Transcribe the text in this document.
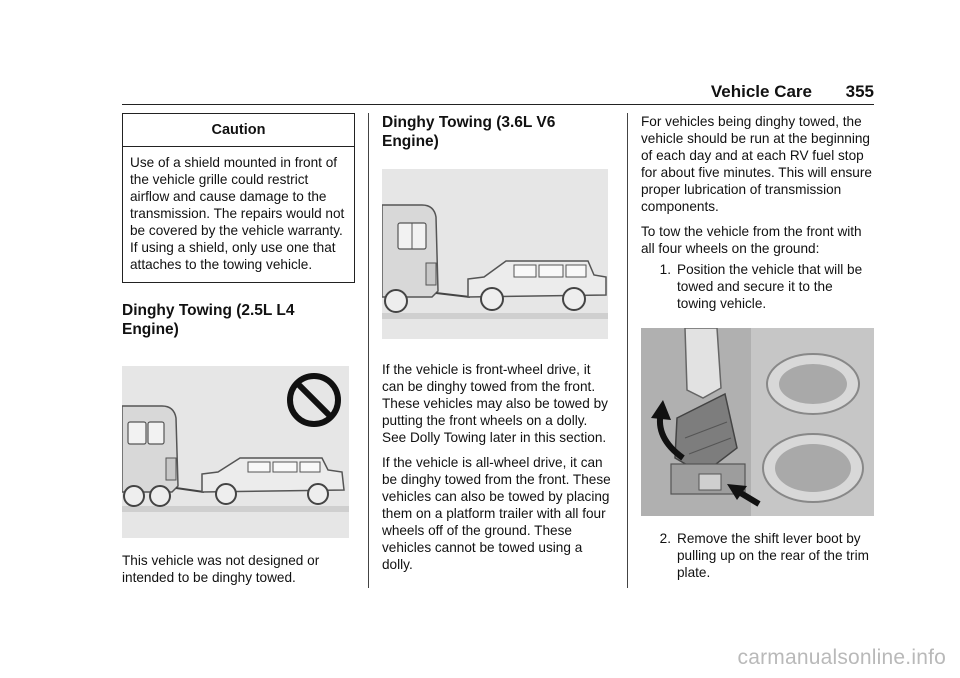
Vehicle Care 355
Caution
Use of a shield mounted in front of the vehicle grille could restrict airflow and cause damage to the transmission. The repairs would not be covered by the vehicle warranty. If using a shield, only use one that attaches to the towing vehicle.
Dinghy Towing (2.5L L4 Engine)

This vehicle was not designed or intended to be dinghy towed.

Dinghy Towing (3.6L V6 Engine)

If the vehicle is front-wheel drive, it can be dinghy towed from the front. These vehicles may also be towed by putting the front wheels on a dolly. See Dolly Towing later in this section.

If the vehicle is all-wheel drive, it can be dinghy towed from the front. These vehicles can also be towed by placing them on a platform trailer with all four wheels off of the ground. These vehicles cannot be towed using a dolly.

For vehicles being dinghy towed, the vehicle should be run at the beginning of each day and at each RV fuel stop for about five minutes. This will ensure proper lubrication of transmission components.

To tow the vehicle from the front with all four wheels on the ground:

1. Position the vehicle that will be towed and secure it to the towing vehicle.
2. Remove the shift lever boot by pulling up on the rear of the trim plate.
carmanualsonline.info
